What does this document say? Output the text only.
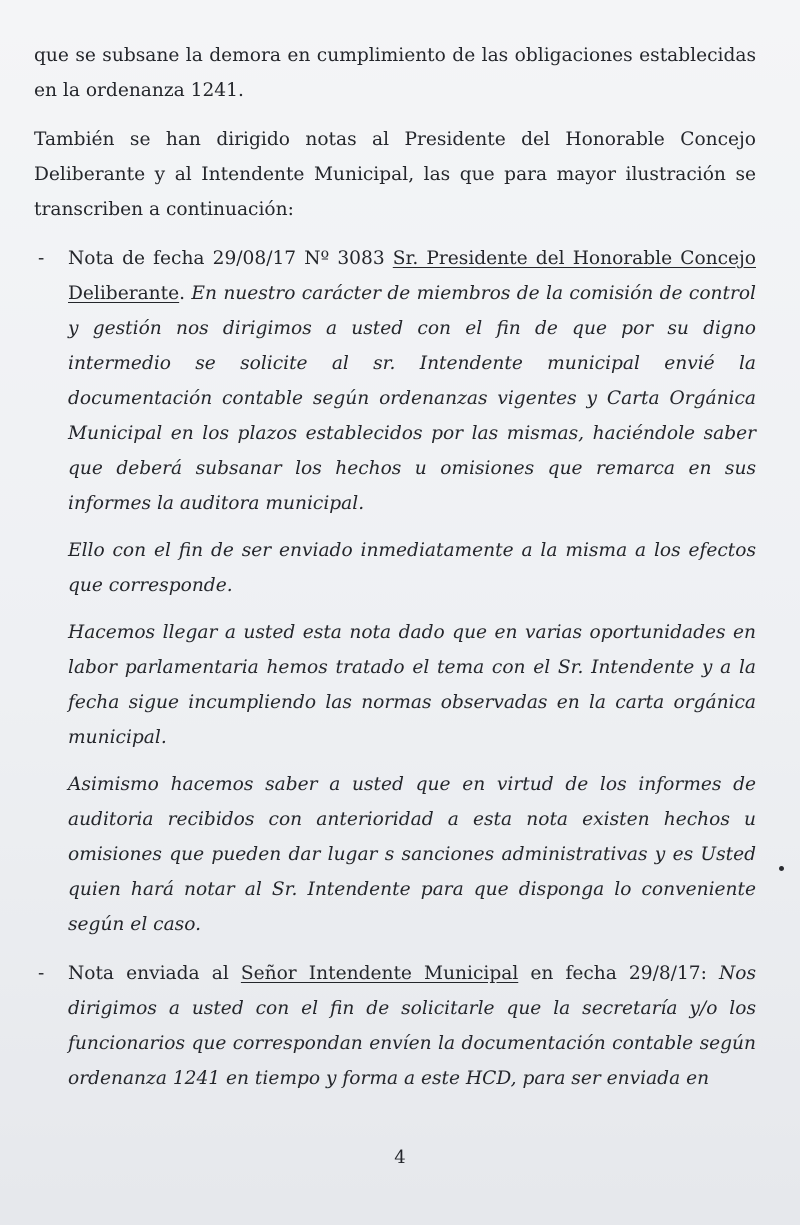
que se subsane la demora en cumplimiento de las obligaciones establecidas en la ordenanza 1241.

También se han dirigido notas al Presidente del Honorable Concejo Deliberante y al Intendente Municipal, las que para mayor ilustración se transcriben a continuación:

- Nota de fecha 29/08/17 Nº 3083 Sr. Presidente del Honorable Concejo Deliberante. En nuestro carácter de miembros de la comisión de control y gestión nos dirigimos a usted con el fin de que por su digno intermedio se solicite al sr. Intendente municipal envié la documentación contable según ordenanzas vigentes y Carta Orgánica Municipal en los plazos establecidos por las mismas, haciéndole saber que deberá subsanar los hechos u omisiones que remarca en sus informes la auditora municipal.

Ello con el fin de ser enviado inmediatamente a la misma a los efectos que corresponde.

Hacemos llegar a usted esta nota dado que en varias oportunidades en labor parlamentaria hemos tratado el tema con el Sr. Intendente y a la fecha sigue incumpliendo las normas observadas en la carta orgánica municipal.

Asimismo hacemos saber a usted que en virtud de los informes de auditoria recibidos con anterioridad a esta nota existen hechos u omisiones que pueden dar lugar s sanciones administrativas y es Usted quien hará notar al Sr. Intendente para que disponga lo conveniente según el caso.

- Nota enviada al Señor Intendente Municipal en fecha 29/8/17: Nos dirigimos a usted con el fin de solicitarle que la secretaría y/o los funcionarios que correspondan envíen la documentación contable según ordenanza 1241 en tiempo y forma a este HCD, para ser enviada en

4
